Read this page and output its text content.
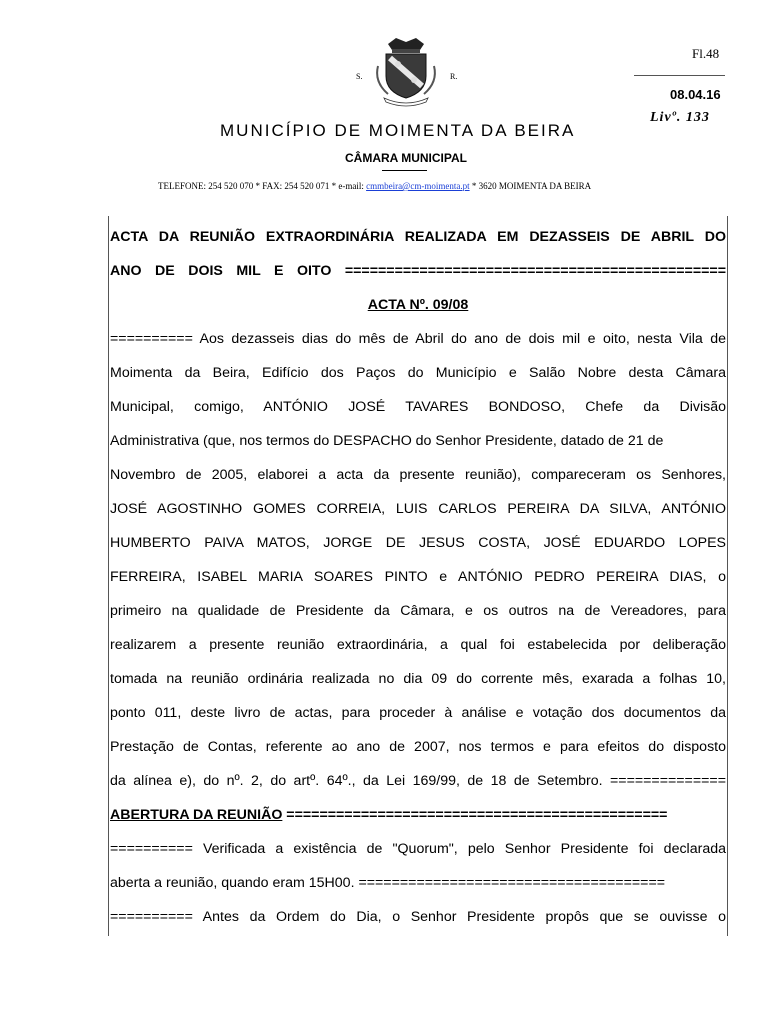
S.	R.
Fl.48
08.04.16
Livº. 133
MUNICÍPIO DE MOIMENTA DA BEIRA
CÂMARA MUNICIPAL
TELEFONE: 254 520 070 * FAX: 254 520 071 * e-mail: cmmbeira@cm-moimenta.pt * 3620 MOIMENTA DA BEIRA
ACTA DA REUNIÃO EXTRAORDINÁRIA REALIZADA EM DEZASSEIS DE ABRIL DO
ANO DE DOIS MIL E OITO ==============================================
ACTA Nº. 09/08
========== Aos dezasseis dias do mês de Abril do ano de dois mil e oito, nesta Vila de
Moimenta da Beira, Edifício dos Paços do Município e Salão Nobre desta Câmara
Municipal, comigo, ANTÓNIO JOSÉ TAVARES BONDOSO, Chefe da Divisão
Administrativa (que, nos termos do DESPACHO do Senhor Presidente, datado de 21 de
Novembro de 2005, elaborei a acta da presente reunião), compareceram os Senhores,
JOSÉ AGOSTINHO GOMES CORREIA, LUIS CARLOS PEREIRA DA SILVA, ANTÓNIO
HUMBERTO PAIVA MATOS, JORGE DE JESUS COSTA, JOSÉ EDUARDO LOPES
FERREIRA, ISABEL MARIA SOARES PINTO e ANTÓNIO PEDRO PEREIRA DIAS, o
primeiro na qualidade de Presidente da Câmara, e os outros na de Vereadores, para
realizarem a presente reunião extraordinária, a qual foi estabelecida por deliberação
tomada na reunião ordinária realizada no dia 09 do corrente mês, exarada a folhas 10,
ponto 011, deste livro de actas, para proceder à análise e votação dos documentos da
Prestação de Contas, referente ao ano de 2007, nos termos e para efeitos do disposto
da alínea e), do nº. 2, do artº. 64º., da Lei 169/99, de 18 de Setembro. ==============
ABERTURA DA REUNIÃO ==============================================
========== Verificada a existência de "Quorum", pelo Senhor Presidente foi declarada
aberta a reunião, quando eram 15H00. =====================================
========== Antes da Ordem do Dia, o Senhor Presidente propôs que se ouvisse o
